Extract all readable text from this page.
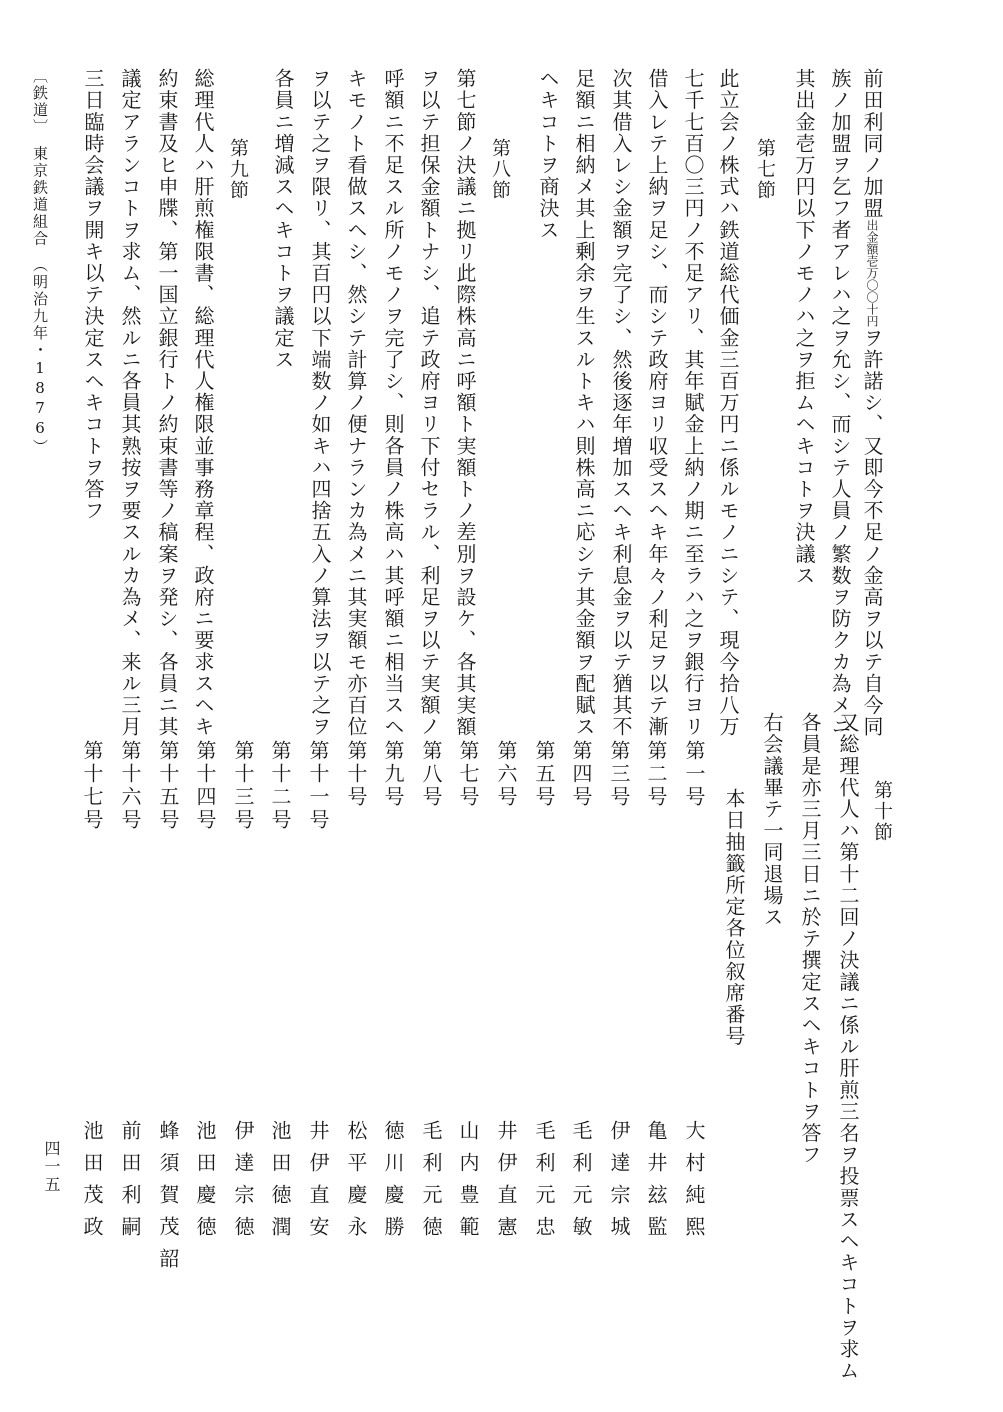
前田利同ノ加盟
出金額壱万
〇〇十円
ヲ許諾シ、又即今不足ノ金高ヲ以テ自今同
族ノ加盟ヲ乞フ者アレハ之ヲ允シ、而シテ人員ノ繁数ヲ防クカ為メニ
其出金壱万円以下ノモノハ之ヲ拒ムヘキコトヲ決議ス
第七節
此立会ノ株式ハ鉄道総代価金三百万円ニ係ルモノニシテ、現今拾八万
七千七百〇三円ノ不足アリ、其年賦金上納ノ期ニ至ラハ之ヲ銀行ヨリ
借入レテ上納ヲ足シ、而シテ政府ヨリ収受スヘキ年々ノ利足ヲ以テ漸
次其借入レシ金額ヲ完了シ、然後逐年増加スヘキ利息金ヲ以テ猶其不
足額ニ相納メ其上剰余ヲ生スルトキハ則株高ニ応シテ其金額ヲ配賦ス
ヘキコトヲ商決ス
第八節
第七節ノ決議ニ拠リ此際株高ニ呼額ト実額トノ差別ヲ設ケ、各其実額
ヲ以テ担保金額トナシ、追テ政府ヨリ下付セラル、利足ヲ以テ実額ノ
呼額ニ不足スル所ノモノヲ完了シ、則各員ノ株高ハ其呼額ニ相当スヘ
キモノト看做スヘシ、然シテ計算ノ便ナランカ為メニ其実額モ亦百位
ヲ以テ之ヲ限リ、其百円以下端数ノ如キハ四捨五入ノ算法ヲ以テ之ヲ
各員ニ増減スヘキコトヲ議定ス
第九節
総理代人ハ肝煎権限書、総理代人権限並事務章程、政府ニ要求スヘキ
約束書及ヒ申牒、第一国立銀行トノ約束書等ノ稿案ヲ発シ、各員ニ其
議定アランコトヲ求ム、然ルニ各員其熟按ヲ要スルカ為メ、来ル三月
三日臨時会議ヲ開キ以テ決定スヘキコトヲ答フ
〔鉄道〕　東京鉄道組合　（明治九年・1876）
第十節
又総理代人ハ第十二回ノ決議ニ係ル肝煎三名ヲ投票スヘキコトヲ求ム
各員是亦三月三日ニ於テ撰定スヘキコトヲ答フ
右会議畢テ一同退場ス
本日抽籤所定各位叙席番号
第一号
大村純熙
第二号
亀井玆監
第三号
伊達宗城
第四号
毛利元敏
第五号
毛利元忠
第六号
井伊直憲
第七号
山内豊範
第八号
毛利元徳
第九号
徳川慶勝
第十号
松平慶永
第十一号
井伊直安
第十二号
池田徳潤
第十三号
伊達宗徳
第十四号
池田慶徳
第十五号
蜂須賀茂韶
第十六号
前田利嗣
第十七号
池田茂政
四一五
